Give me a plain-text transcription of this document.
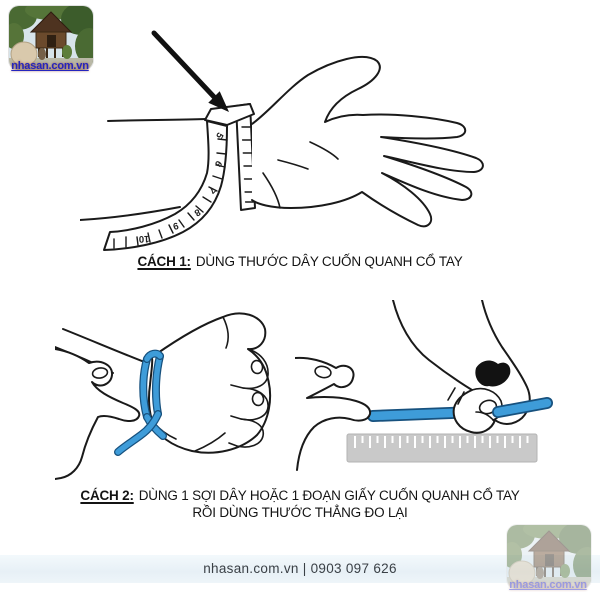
nhasan.com.vn
5
6
7
8
9
10
CÁCH 1: DÙNG THƯỚC DÂY CUỐN QUANH CỔ TAY
CÁCH 2: DÙNG 1 SỢI DÂY HOẶC 1 ĐOẠN GIẤY CUỐN QUANH CỔ TAY
RỒI DÙNG THƯỚC THẲNG ĐO LẠI
nhasan.com.vn | 0903 097 626
nhasan.com.vn
